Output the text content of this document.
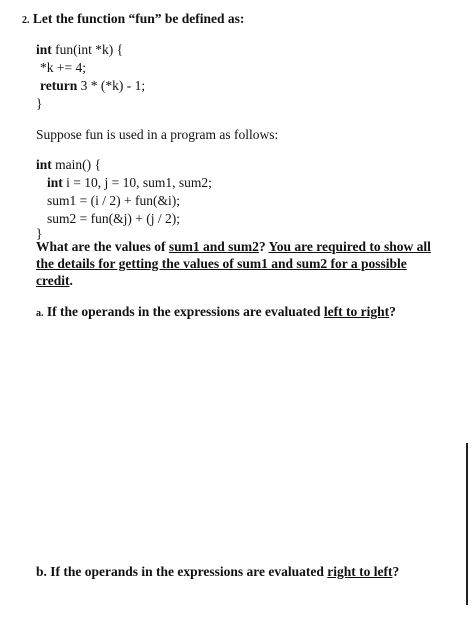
2. Let the function “fun” be defined as:
int fun(int *k) {
*k += 4;
return 3 * (*k) - 1;
}
Suppose fun is used in a program as follows:
int main() {
int i = 10, j = 10, sum1, sum2;
sum1 = (i / 2) + fun(&i);
sum2 = fun(&j) + (j / 2);
}
What are the values of sum1 and sum2? You are required to show all
the details for getting the values of sum1 and sum2 for a possible
credit.
a. If the operands in the expressions are evaluated left to right?
b. If the operands in the expressions are evaluated right to left?
